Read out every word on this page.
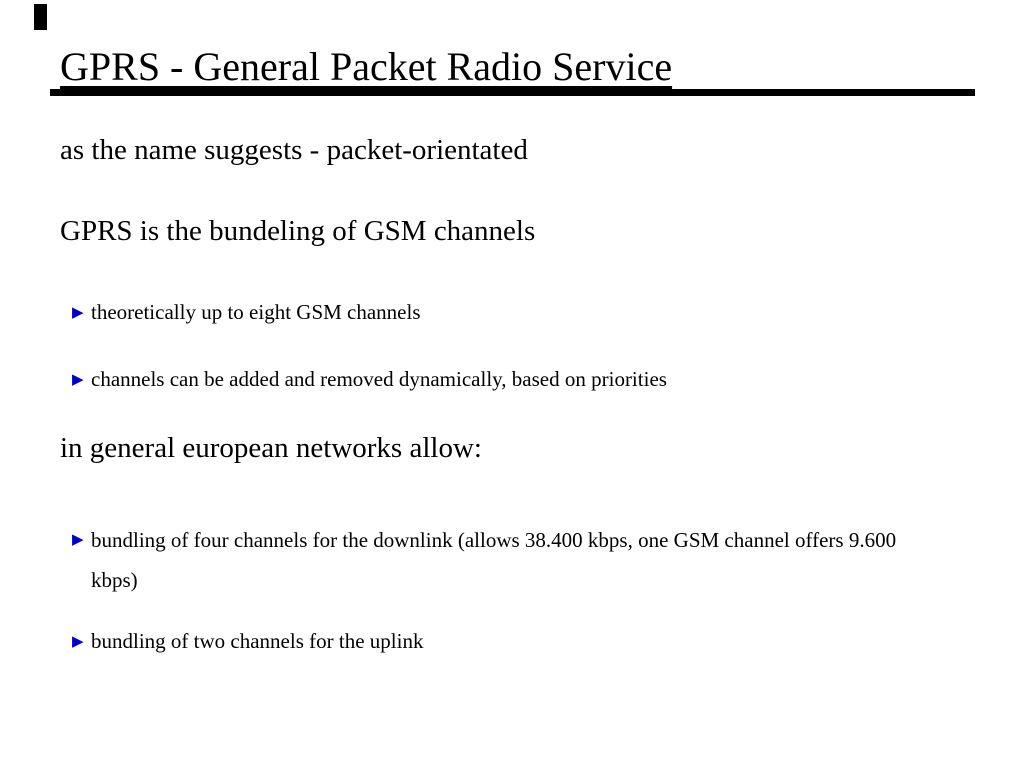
GPRS - General Packet Radio Service
as the name suggests - packet-orientated
GPRS is the bundeling of GSM channels
▶ theoretically up to eight GSM channels
▶ channels can be added and removed dynamically, based on priorities
in general european networks allow:
▶ bundling of four channels for the downlink (allows 38.400 kbps, one GSM channel offers 9.600 kbps)
▶ bundling of two channels for the uplink
